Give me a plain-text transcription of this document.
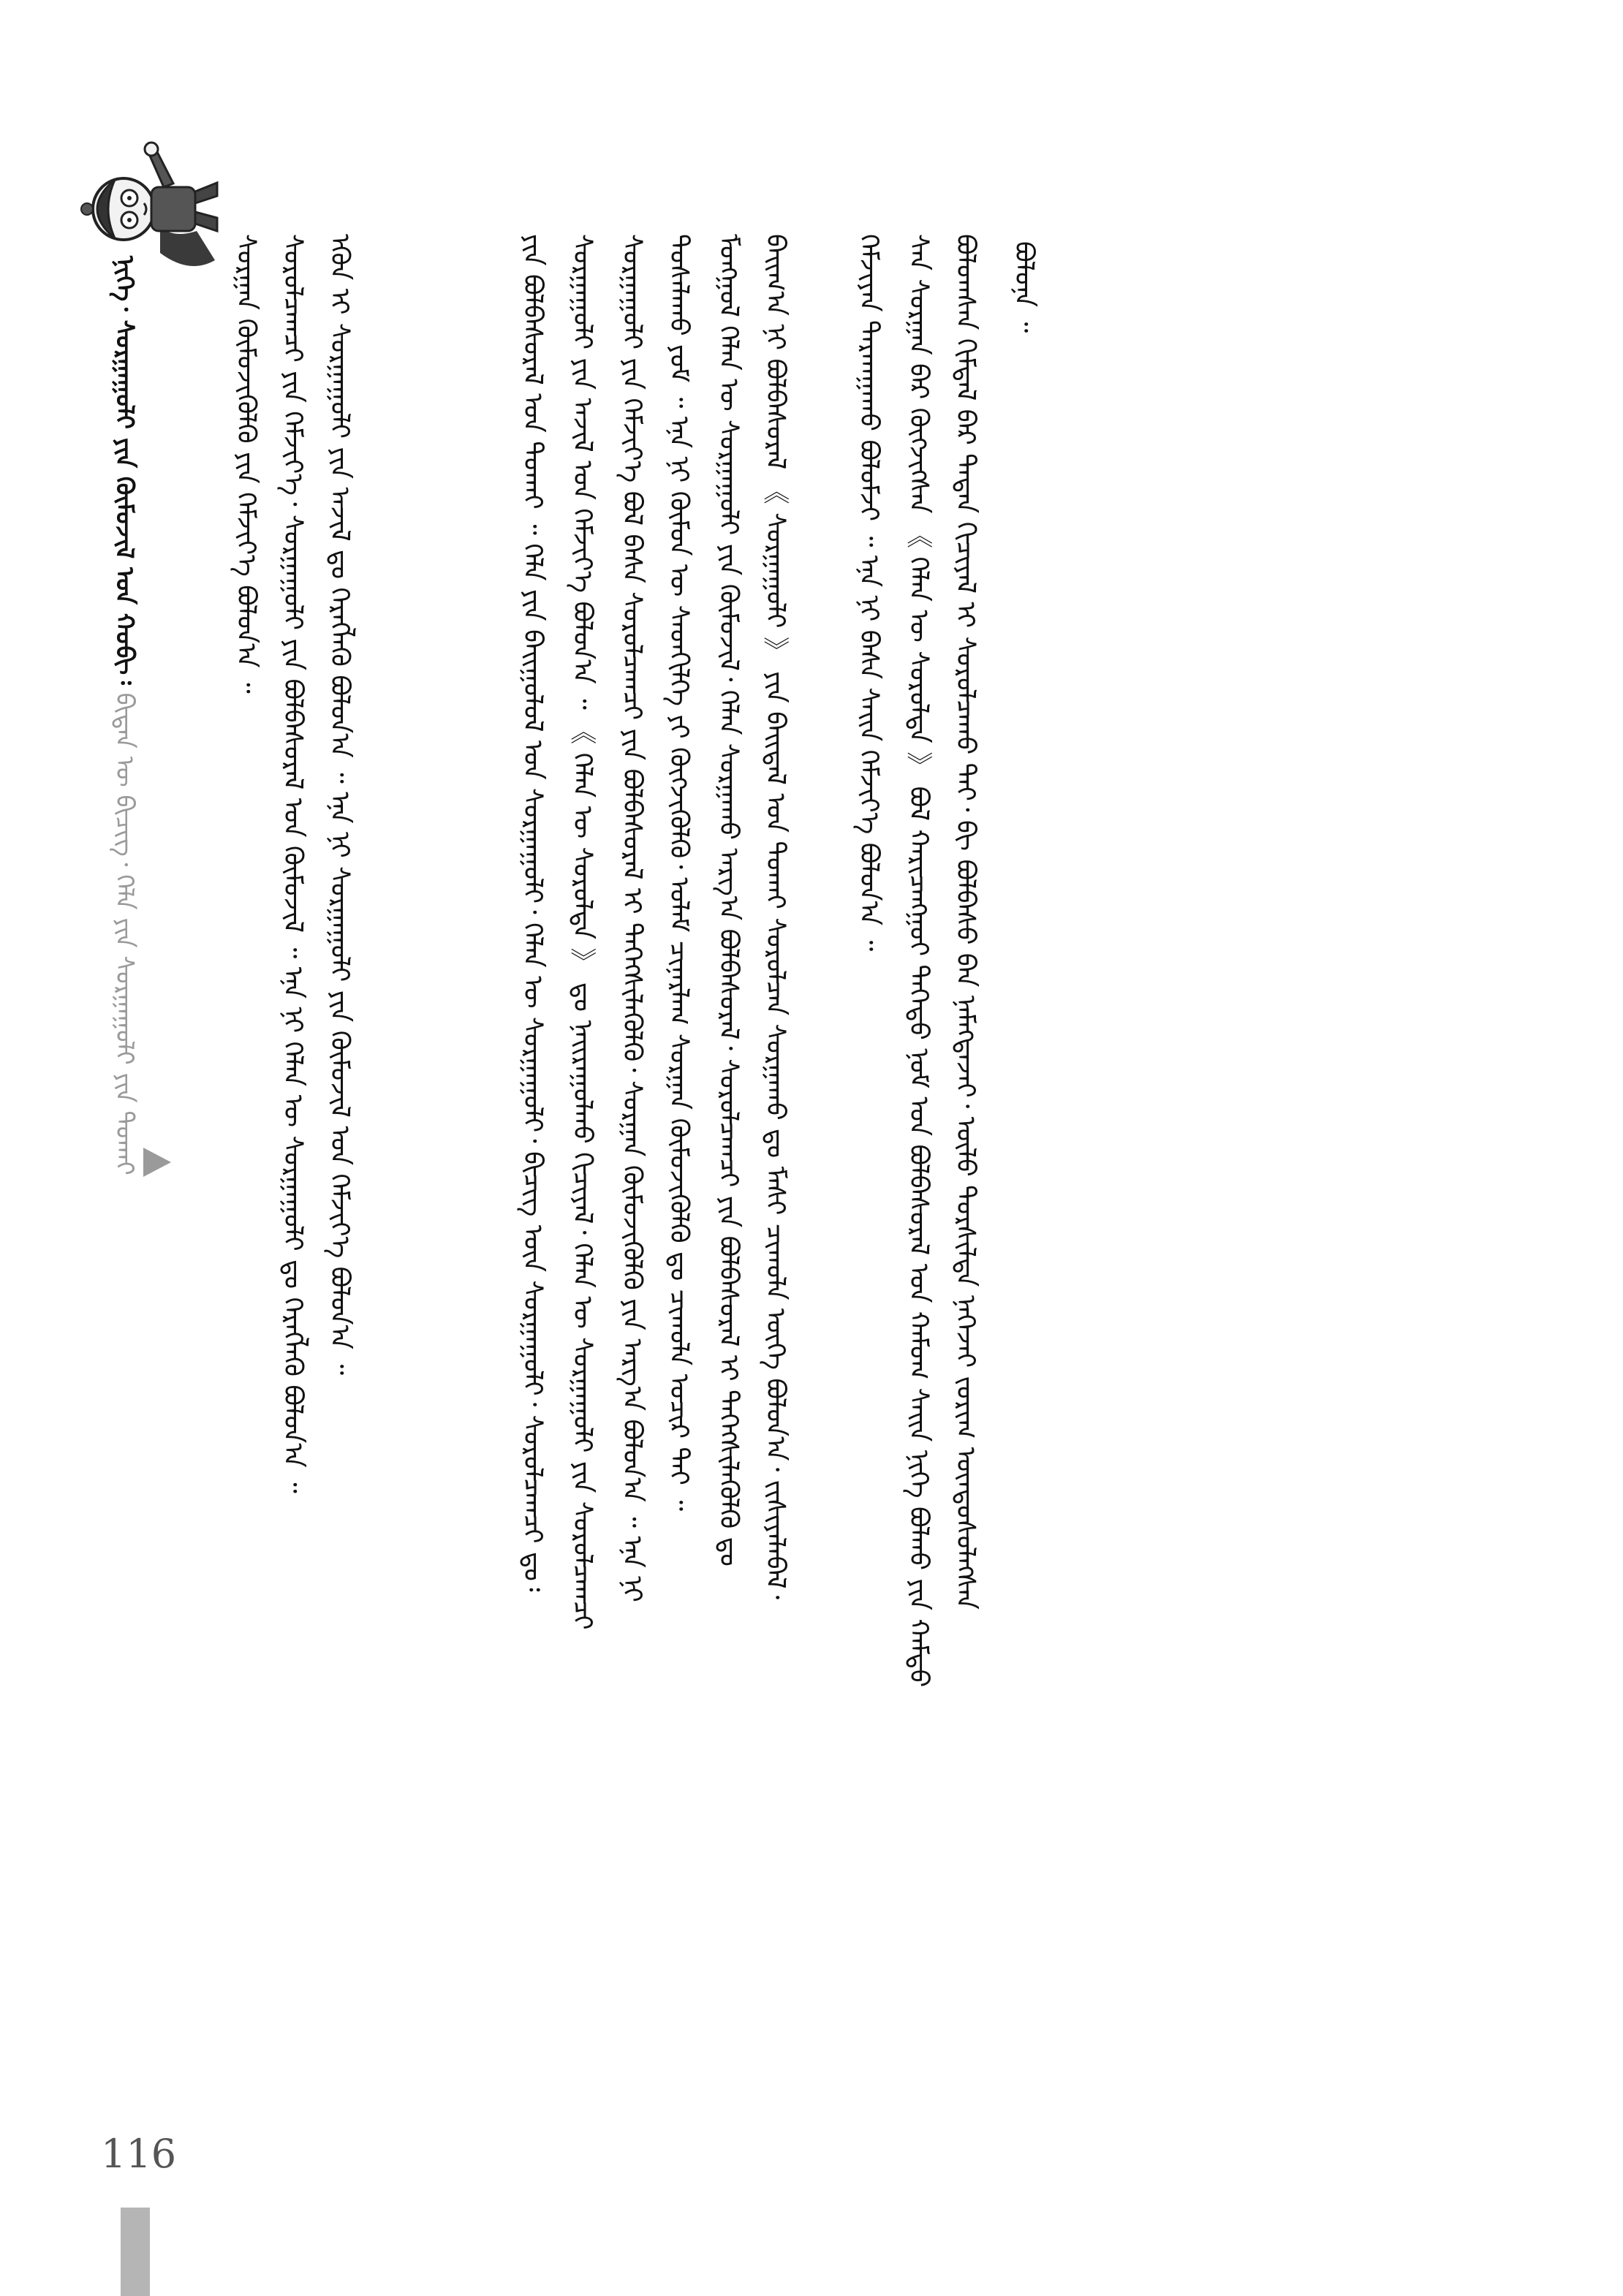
ᠨᠢᠭᠡ᠂ ᠰᠤᠷᠭᠠᠭᠤᠯᠢ ᠶᠢᠨ ᠬᠥᠮᠦᠵᠢᠯ ᠤᠨ ᠬᠤᠪᠢ᠄ ᠪᠢᠳᠡᠨ ᠦ ᠪᠢᠴᠢᠭ᠂ ᠬᠡᠯᠡ ᠶᠢᠨ ᠰᠤᠷᠭᠠᠭᠤᠯᠢ ᠶᠢᠨ ᠲᠤᠬᠠᠢ
ᠪᠣᠯᠤᠨᠠ ᠃
ᠪᠤᠯᠤᠭᠰᠠᠨ ᠬᠢᠮᠳᠠᠯ ᠪᠡᠷ ᠲᠡᠳᠡᠨ ᠬᠢᠴᠢᠶᠡᠯ ᠢ ᠰᠤᠷᠤᠯᠴᠠᠬᠤ ᠲᠠᠢ᠂ ᠪᠢ ᠪᠣᠯᠪᠠᠰᠤ ᠪᠡᠨ ᠨᠡᠮᠡᠭᠳᠡᠵᠡᠢ᠂ ᠦᠯᠦ ᠲᠤᠷᠰᠢᠯᠲᠠ ᠨᠡᠬᠡᠵᠡᠢ ᠵᠤᠷᠢᠭ ᠦᠨᠳᠦᠰᠦᠯᠡᠭᠰᠡᠨ
ᠰᠠᠨ ᠰᠤᠷᠭᠠᠨ ᠪᠡᠷ ᠬᠥᠭᠵᠢᠭᠰᠡᠨ 《 ᠬᠡᠯᠡᠨ ᠦ ᠰᠤᠷᠤᠯᠲᠠ 》 ᠪᠤᠯ ᠬᠠᠷᠢᠴᠠᠩᠭᠤᠢ ᠳᠡᠭᠡᠳᠦ ᠨᠤᠮ ᠤᠨ ᠪᠣᠯᠪᠠᠰᠤᠷᠠᠯ ᠤᠨ ᠬᠠᠮᠤᠭ ᠰᠠᠢᠨ ᠨᠢᠭᠡ ᠪᠣᠯᠬᠤ ᠶᠢᠨ ᠬᠠᠮᠲᠤ
ᠬᠡᠮᠵᠢᠶᠡᠨ ᠲᠠᠷᠬᠠᠭᠠᠬᠤ ᠪᠣᠯᠤᠮᠵᠢ ᠃ ᠡᠨᠡ ᠨᠢ ᠪᠠᠰᠠ ᠰᠠᠢᠨ ᠬᠡᠮᠵᠢᠶ᠎ᠡ ᠪᠣᠯᠤᠨ᠎ᠠ ᠃
ᠪᠠᠢᠭ᠎ᠠ ᠨᠢ ᠪᠣᠯᠪᠠᠰᠤᠷᠠᠯ 《 ᠰᠤᠷᠭᠠᠭᠤᠯᠢ 》 ᠶᠢᠨ ᠪᠠᠢᠳᠠᠯ ᠤᠨ ᠲᠤᠬᠠᠢ ᠰᠤᠷᠤᠯᠴᠠᠨ ᠰᠤᠷᠭᠠᠬᠤ ᠳᠤ ᠮᠠᠰᠢ ᠴᠢᠬᠤᠯᠠ ᠦᠭᠡ ᠪᠣᠯᠤᠨ᠎ᠠ᠂ ᠵᠢᠱᠢᠶᠡᠯᠡᠪᠡᠯ᠂
ᠮᠣᠩᠭᠣᠯ ᠬᠡᠯᠡᠨ ᠦ ᠰᠤᠷᠭᠠᠭᠤᠯᠢ ᠶᠢᠨ ᠬᠥᠮᠦᠵᠢᠯ᠂ ᠬᠡᠯᠡᠨ ᠰᠤᠷᠭᠠᠬᠤ ᠠᠷᠭ᠎ᠠ ᠪᠣᠯᠪᠠᠰᠤᠷᠠᠯ᠂ ᠰᠤᠷᠤᠯᠴᠠᠭᠴᠢ ᠶᠢᠨ ᠪᠣᠯᠪᠠᠰᠤᠷᠠᠯ ᠢ ᠳᠡᠭᠡᠭᠰᠢᠯᠡᠭᠦᠯᠬᠦ ᠳᠤ
ᠲᠤᠰᠠᠯᠠᠬᠤ ᠶᠤᠮ ᠃ ᠡᠨᠡ ᠨᠢ ᠬᠦᠮᠦᠨ ᠦ ᠰᠡᠳᠬᠢᠯᠭᠡ ᠶᠢ ᠬᠥᠭᠵᠢᠭᠦᠯᠬᠦ᠂ ᠤᠯᠠᠮ ᠴᠢᠨᠠᠷᠯᠠᠭ ᠰᠤᠷᠭᠠᠨ ᠬᠥᠮᠦᠵᠢᠭᠦᠯᠬᠦ ᠳᠤ ᠴᠢᠬᠤᠯᠠ ᠤᠴᠢᠷ ᠲᠠᠢ ᠃
ᠰᠤᠷᠭᠠᠭᠤᠯᠢ ᠶᠢᠨ ᠬᠡᠮᠵᠢᠶ᠎ᠡ ᠪᠣᠯ ᠪᠠᠰᠠ ᠰᠤᠷᠤᠯᠴᠠᠭᠴᠢ ᠶᠢᠨ ᠪᠣᠯᠪᠠᠰᠤᠷᠠᠯ ᠢ ᠳᠡᠭᠡᠭᠰᠢᠯᠡᠭᠦᠯᠬᠦ᠂ ᠰᠤᠷᠭᠠᠨ ᠬᠥᠮᠦᠵᠢᠭᠦᠯᠬᠦ ᠶᠢᠨ ᠠᠷᠭ᠎ᠠ ᠪᠣᠯᠤᠨ᠎ᠠ ᠃ ᠡᠨᠡ ᠨᠢ
ᠰᠤᠷᠭᠠᠭᠤᠯᠢ ᠶᠢᠨ ᠠᠵᠢᠯ ᠤᠨ ᠬᠡᠮᠵᠢᠶ᠎ᠡ ᠪᠣᠯᠤᠨ᠎ᠠ ᠃ 《 ᠬᠡᠯᠡᠨ ᠦ ᠰᠤᠷᠤᠯᠲᠠ 》 ᠳᠤ ᠨᠠᠢᠷᠠᠭᠤᠯᠬᠤ ᠬᠢᠴᠢᠶᠡᠯ᠂ ᠬᠡᠯᠡᠨ ᠦ ᠰᠤᠷᠭᠠᠭᠤᠯᠢ ᠶᠢᠨ ᠰᠤᠷᠤᠯᠴᠠᠭᠴᠢ
ᠶᠢᠨ ᠪᠣᠯᠪᠠᠰᠤᠷᠠᠯ ᠤᠨ ᠲᠤᠬᠠᠢ ᠃ ᠬᠡᠯᠡ ᠶᠢᠨ ᠪᠠᠢᠭᠤᠯᠤᠯ ᠤᠨ ᠰᠤᠷᠭᠠᠭᠤᠯᠢ᠂ ᠬᠡᠯᠡᠨ ᠦ ᠰᠤᠷᠭᠠᠭᠤᠯᠢ᠂ ᠪᠢᠴᠢᠭ ᠦᠨ ᠰᠤᠷᠭᠠᠭᠤᠯᠢ᠂ ᠰᠤᠷᠤᠯᠴᠠᠭᠴᠢ ᠳᠤ᠄
ᠡᠭᠦᠨ ᠢ ᠰᠤᠷᠭᠠᠭᠤᠯᠢ ᠶᠢᠨ ᠠᠵᠢᠯ ᠳᠤ ᠬᠡᠷᠡᠭᠯᠡᠬᠦ ᠪᠣᠯᠤᠨ᠎ᠠ ᠃ ᠡᠨᠡ ᠨᠢ ᠰᠤᠷᠭᠠᠭᠤᠯᠢ ᠶᠢᠨ ᠬᠥᠮᠦᠵᠢᠯ ᠤᠨ ᠬᠡᠮᠵᠢᠶ᠎ᠡ ᠪᠣᠯᠤᠨ᠎ᠠ ᠃
ᠰᠤᠷᠤᠯᠴᠠᠭᠴᠢ ᠶᠢᠨ ᠬᠡᠮᠵᠢᠶ᠎ᠡ᠂ ᠰᠤᠷᠭᠠᠭᠤᠯᠢ ᠶᠢᠨ ᠪᠣᠯᠪᠠᠰᠤᠷᠠᠯ ᠤᠨ ᠬᠥᠮᠦᠵᠢᠯ ᠃ ᠡᠨᠡ ᠨᠢ ᠬᠡᠯᠡᠨ ᠦ ᠰᠤᠷᠭᠠᠭᠤᠯᠢ ᠳᠤ ᠬᠡᠷᠡᠭᠯᠡᠬᠦ ᠪᠣᠯᠤᠨ᠎ᠠ ᠃
ᠰᠤᠷᠭᠠᠨ ᠬᠥᠮᠦᠵᠢᠭᠦᠯᠬᠦ ᠶᠢᠨ ᠬᠡᠮᠵᠢᠶ᠎ᠡ ᠪᠣᠯᠤᠨ᠎ᠠ ᠃
116
